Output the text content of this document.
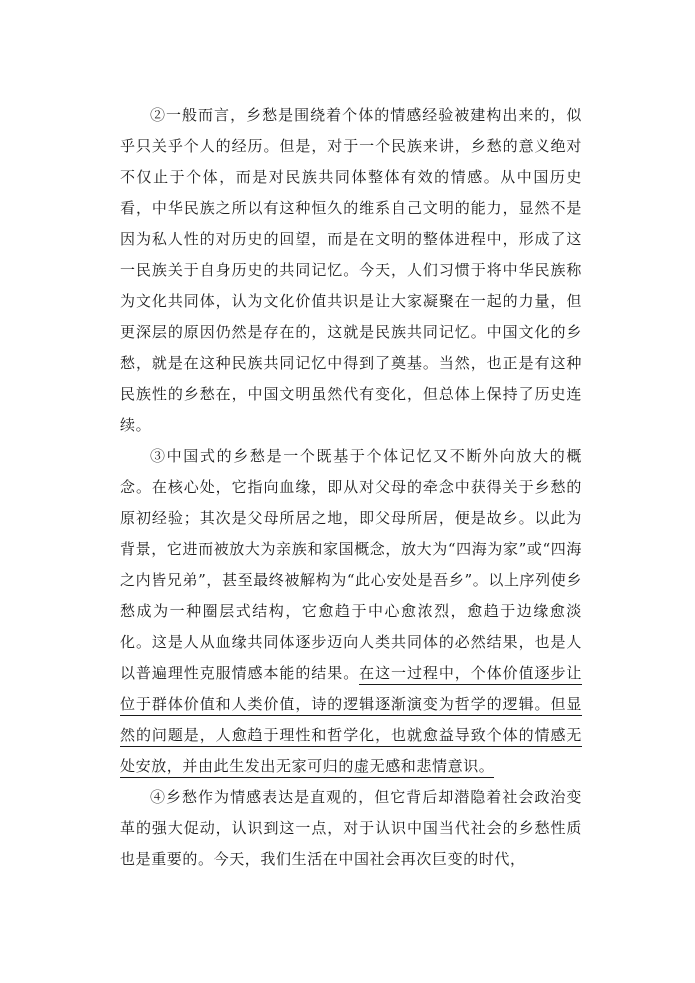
②一般而言，乡愁是围绕着个体的情感经验被建构出来的，似乎只关乎个人的经历。但是，对于一个民族来讲，乡愁的意义绝对不仅止于个体，而是对民族共同体整体有效的情感。从中国历史看，中华民族之所以有这种恒久的维系自己文明的能力，显然不是因为私人性的对历史的回望，而是在文明的整体进程中，形成了这一民族关于自身历史的共同记忆。今天，人们习惯于将中华民族称为文化共同体，认为文化价值共识是让大家凝聚在一起的力量，但更深层的原因仍然是存在的，这就是民族共同记忆。中国文化的乡愁，就是在这种民族共同记忆中得到了奠基。当然，也正是有这种民族性的乡愁在，中国文明虽然代有变化，但总体上保持了历史连续。

③中国式的乡愁是一个既基于个体记忆又不断外向放大的概念。在核心处，它指向血缘，即从对父母的牵念中获得关于乡愁的原初经验；其次是父母所居之地，即父母所居，便是故乡。以此为背景，它进而被放大为亲族和家国概念，放大为“四海为家”或“四海之内皆兄弟”，甚至最终被解构为“此心安处是吾乡”。以上序列使乡愁成为一种圈层式结构，它愈趋于中心愈浓烈，愈趋于边缘愈淡化。这是人从血缘共同体逐步迈向人类共同体的必然结果，也是人以普遍理性克服情感本能的结果。在这一过程中，个体价值逐步让位于群体价值和人类价值，诗的逻辑逐渐演变为哲学的逻辑。但显然的问题是，人愈趋于理性和哲学化，也就愈益导致个体的情感无处安放，并由此生发出无家可归的虚无感和悲情意识。

④乡愁作为情感表达是直观的，但它背后却潜隐着社会政治变革的强大促动，认识到这一点，对于认识中国当代社会的乡愁性质也是重要的。今天，我们生活在中国社会再次巨变的时代，
